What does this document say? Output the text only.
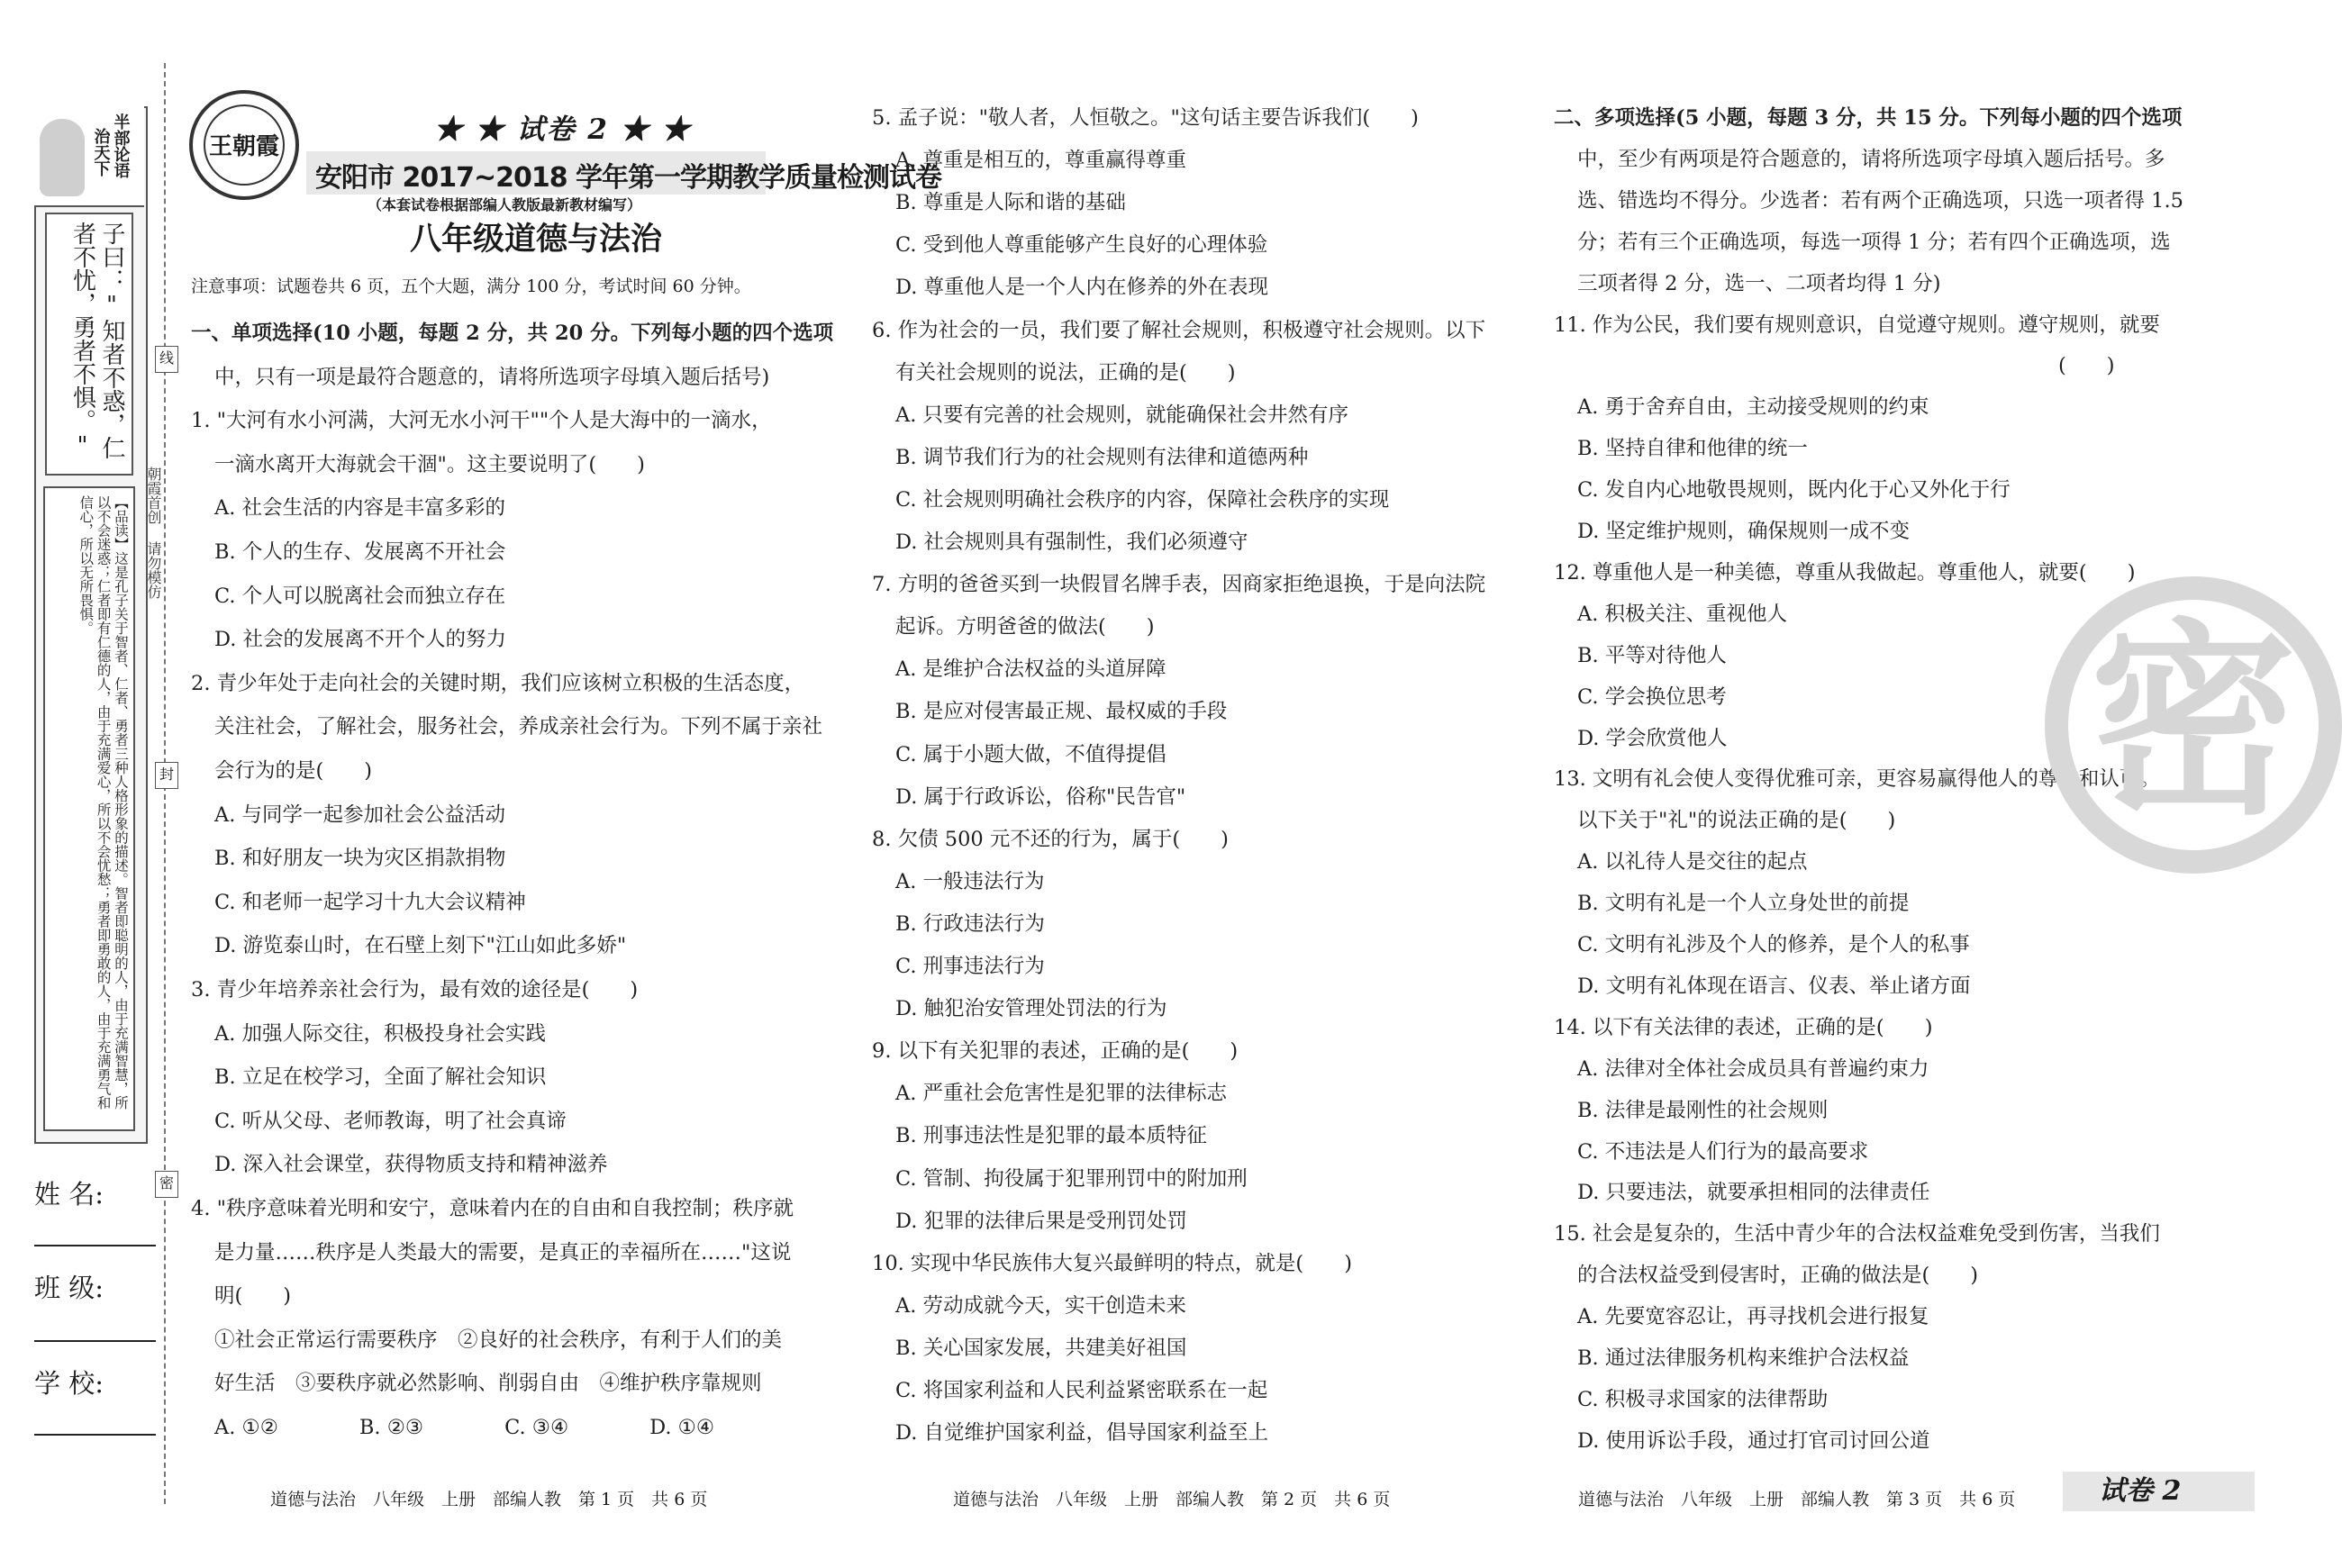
半部论语
治天下
子曰："知者不惑，仁者不忧，勇者不惧。"
【品读】这是孔子关于智者、仁者、勇者三种人格形象的描述。智者即聪明的人，由于充满智慧，所以不会迷惑；仁者即有仁德的人，由于充满爱心，所以不会忧愁；勇者即勇敢的人，由于充满勇气和信心，所以无所畏惧。	朝霞首创 请勿模仿
线
封
密
姓 名:
班 级:
学 校:
王朝霞
★ ★ 试卷 2 ★ ★
安阳市 2017~2018 学年第一学期教学质量检测试卷
（本套试卷根据部编人教版最新教材编写）
八年级道德与法治
注意事项：试题卷共 6 页，五个大题，满分 100 分，考试时间 60 分钟。
一、单项选择(10 小题，每题 2 分，共 20 分。下列每小题的四个选项
中，只有一项是最符合题意的，请将所选项字母填入题后括号)
1. "大河有水小河满，大河无水小河干""个人是大海中的一滴水，
一滴水离开大海就会干涸"。这主要说明了(　　)
A. 社会生活的内容是丰富多彩的
B. 个人的生存、发展离不开社会
C. 个人可以脱离社会而独立存在
D. 社会的发展离不开个人的努力
2. 青少年处于走向社会的关键时期，我们应该树立积极的生活态度，
关注社会，了解社会，服务社会，养成亲社会行为。下列不属于亲社
会行为的是(　　)
A. 与同学一起参加社会公益活动
B. 和好朋友一块为灾区捐款捐物
C. 和老师一起学习十九大会议精神
D. 游览泰山时，在石壁上刻下"江山如此多娇"
3. 青少年培养亲社会行为，最有效的途径是(　　)
A. 加强人际交往，积极投身社会实践
B. 立足在校学习，全面了解社会知识
C. 听从父母、老师教诲，明了社会真谛
D. 深入社会课堂，获得物质支持和精神滋养
4. "秩序意味着光明和安宁，意味着内在的自由和自我控制；秩序就
是力量……秩序是人类最大的需要，是真正的幸福所在……"这说
明(　　)
①社会正常运行需要秩序　②良好的社会秩序，有利于人们的美
好生活　③要秩序就必然影响、削弱自由　④维护秩序靠规则
A. ①②　　　　B. ②③　　　　C. ③④　　　　D. ①④
5. 孟子说："敬人者，人恒敬之。"这句话主要告诉我们(　　)
A. 尊重是相互的，尊重赢得尊重
B. 尊重是人际和谐的基础
C. 受到他人尊重能够产生良好的心理体验
D. 尊重他人是一个人内在修养的外在表现
6. 作为社会的一员，我们要了解社会规则，积极遵守社会规则。以下
有关社会规则的说法，正确的是(　　)
A. 只要有完善的社会规则，就能确保社会井然有序
B. 调节我们行为的社会规则有法律和道德两种
C. 社会规则明确社会秩序的内容，保障社会秩序的实现
D. 社会规则具有强制性，我们必须遵守
7. 方明的爸爸买到一块假冒名牌手表，因商家拒绝退换，于是向法院
起诉。方明爸爸的做法(　　)
A. 是维护合法权益的头道屏障
B. 是应对侵害最正规、最权威的手段
C. 属于小题大做，不值得提倡
D. 属于行政诉讼，俗称"民告官"
8. 欠债 500 元不还的行为，属于(　　)
A. 一般违法行为
B. 行政违法行为
C. 刑事违法行为
D. 触犯治安管理处罚法的行为
9. 以下有关犯罪的表述，正确的是(　　)
A. 严重社会危害性是犯罪的法律标志
B. 刑事违法性是犯罪的最本质特征
C. 管制、拘役属于犯罪刑罚中的附加刑
D. 犯罪的法律后果是受刑罚处罚
10. 实现中华民族伟大复兴最鲜明的特点，就是(　　)
A. 劳动成就今天，实干创造未来
B. 关心国家发展，共建美好祖国
C. 将国家利益和人民利益紧密联系在一起
D. 自觉维护国家利益，倡导国家利益至上
二、多项选择(5 小题，每题 3 分，共 15 分。下列每小题的四个选项
中，至少有两项是符合题意的，请将所选项字母填入题后括号。多
选、错选均不得分。少选者：若有两个正确选项，只选一项者得 1.5
分；若有三个正确选项，每选一项得 1 分；若有四个正确选项，选
三项者得 2 分，选一、二项者均得 1 分)
11. 作为公民，我们要有规则意识，自觉遵守规则。遵守规则，就要
(　　)
A. 勇于舍弃自由，主动接受规则的约束
B. 坚持自律和他律的统一
C. 发自内心地敬畏规则，既内化于心又外化于行
D. 坚定维护规则，确保规则一成不变
12. 尊重他人是一种美德，尊重从我做起。尊重他人，就要(　　)
A. 积极关注、重视他人
B. 平等对待他人
C. 学会换位思考
D. 学会欣赏他人
13. 文明有礼会使人变得优雅可亲，更容易赢得他人的尊重和认可。
以下关于"礼"的说法正确的是(　　)
A. 以礼待人是交往的起点
B. 文明有礼是一个人立身处世的前提
C. 文明有礼涉及个人的修养，是个人的私事
D. 文明有礼体现在语言、仪表、举止诸方面
14. 以下有关法律的表述，正确的是(　　)
A. 法律对全体社会成员具有普遍约束力
B. 法律是最刚性的社会规则
C. 不违法是人们行为的最高要求
D. 只要违法，就要承担相同的法律责任
15. 社会是复杂的，生活中青少年的合法权益难免受到伤害，当我们
的合法权益受到侵害时，正确的做法是(　　)
A. 先要宽容忍让，再寻找机会进行报复
B. 通过法律服务机构来维护合法权益
C. 积极寻求国家的法律帮助
D. 使用诉讼手段，通过打官司讨回公道
密
道德与法治　八年级　上册　部编人教　第 1 页　共 6 页	道德与法治　八年级　上册　部编人教　第 2 页　共 6 页	道德与法治　八年级　上册　部编人教　第 3 页　共 6 页	试卷 2
